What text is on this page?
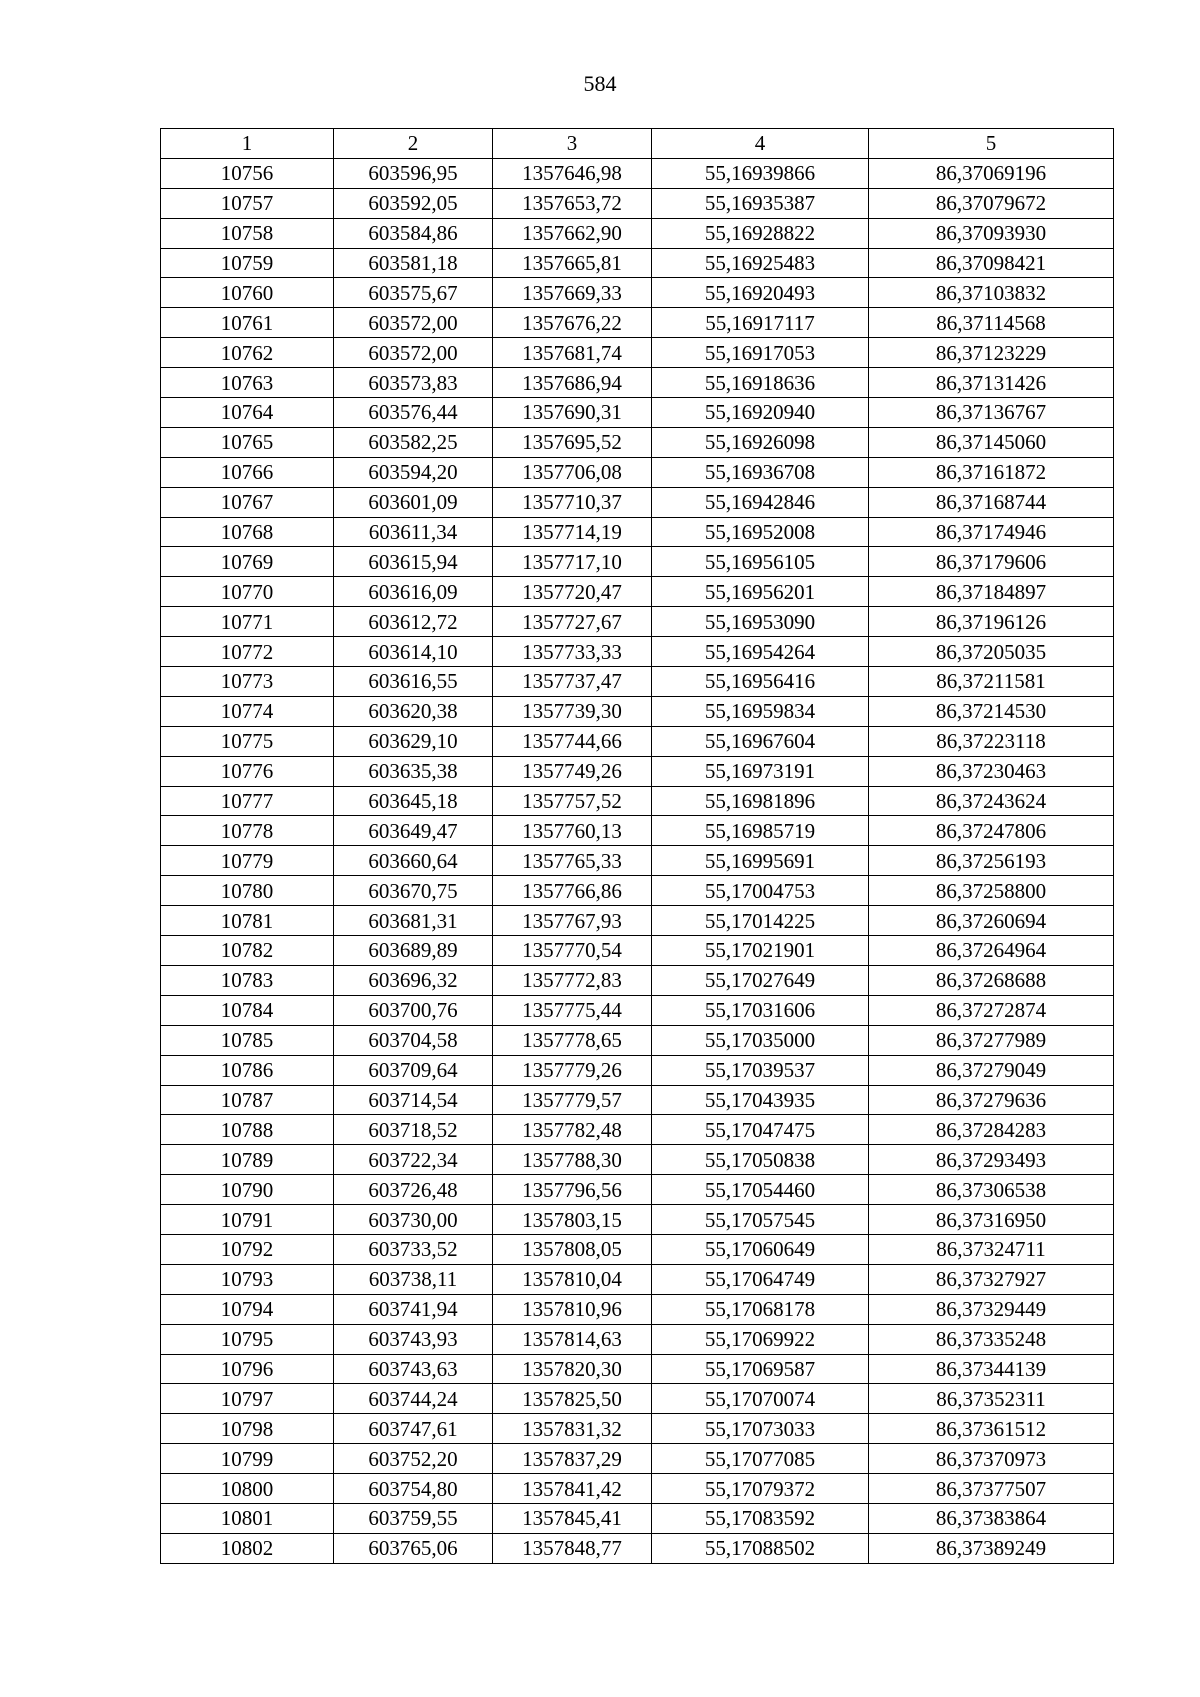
584
1	2	3	4	5
10756	603596,95	1357646,98	55,16939866	86,37069196
10757	603592,05	1357653,72	55,16935387	86,37079672
10758	603584,86	1357662,90	55,16928822	86,37093930
10759	603581,18	1357665,81	55,16925483	86,37098421
10760	603575,67	1357669,33	55,16920493	86,37103832
10761	603572,00	1357676,22	55,16917117	86,37114568
10762	603572,00	1357681,74	55,16917053	86,37123229
10763	603573,83	1357686,94	55,16918636	86,37131426
10764	603576,44	1357690,31	55,16920940	86,37136767
10765	603582,25	1357695,52	55,16926098	86,37145060
10766	603594,20	1357706,08	55,16936708	86,37161872
10767	603601,09	1357710,37	55,16942846	86,37168744
10768	603611,34	1357714,19	55,16952008	86,37174946
10769	603615,94	1357717,10	55,16956105	86,37179606
10770	603616,09	1357720,47	55,16956201	86,37184897
10771	603612,72	1357727,67	55,16953090	86,37196126
10772	603614,10	1357733,33	55,16954264	86,37205035
10773	603616,55	1357737,47	55,16956416	86,37211581
10774	603620,38	1357739,30	55,16959834	86,37214530
10775	603629,10	1357744,66	55,16967604	86,37223118
10776	603635,38	1357749,26	55,16973191	86,37230463
10777	603645,18	1357757,52	55,16981896	86,37243624
10778	603649,47	1357760,13	55,16985719	86,37247806
10779	603660,64	1357765,33	55,16995691	86,37256193
10780	603670,75	1357766,86	55,17004753	86,37258800
10781	603681,31	1357767,93	55,17014225	86,37260694
10782	603689,89	1357770,54	55,17021901	86,37264964
10783	603696,32	1357772,83	55,17027649	86,37268688
10784	603700,76	1357775,44	55,17031606	86,37272874
10785	603704,58	1357778,65	55,17035000	86,37277989
10786	603709,64	1357779,26	55,17039537	86,37279049
10787	603714,54	1357779,57	55,17043935	86,37279636
10788	603718,52	1357782,48	55,17047475	86,37284283
10789	603722,34	1357788,30	55,17050838	86,37293493
10790	603726,48	1357796,56	55,17054460	86,37306538
10791	603730,00	1357803,15	55,17057545	86,37316950
10792	603733,52	1357808,05	55,17060649	86,37324711
10793	603738,11	1357810,04	55,17064749	86,37327927
10794	603741,94	1357810,96	55,17068178	86,37329449
10795	603743,93	1357814,63	55,17069922	86,37335248
10796	603743,63	1357820,30	55,17069587	86,37344139
10797	603744,24	1357825,50	55,17070074	86,37352311
10798	603747,61	1357831,32	55,17073033	86,37361512
10799	603752,20	1357837,29	55,17077085	86,37370973
10800	603754,80	1357841,42	55,17079372	86,37377507
10801	603759,55	1357845,41	55,17083592	86,37383864
10802	603765,06	1357848,77	55,17088502	86,37389249
